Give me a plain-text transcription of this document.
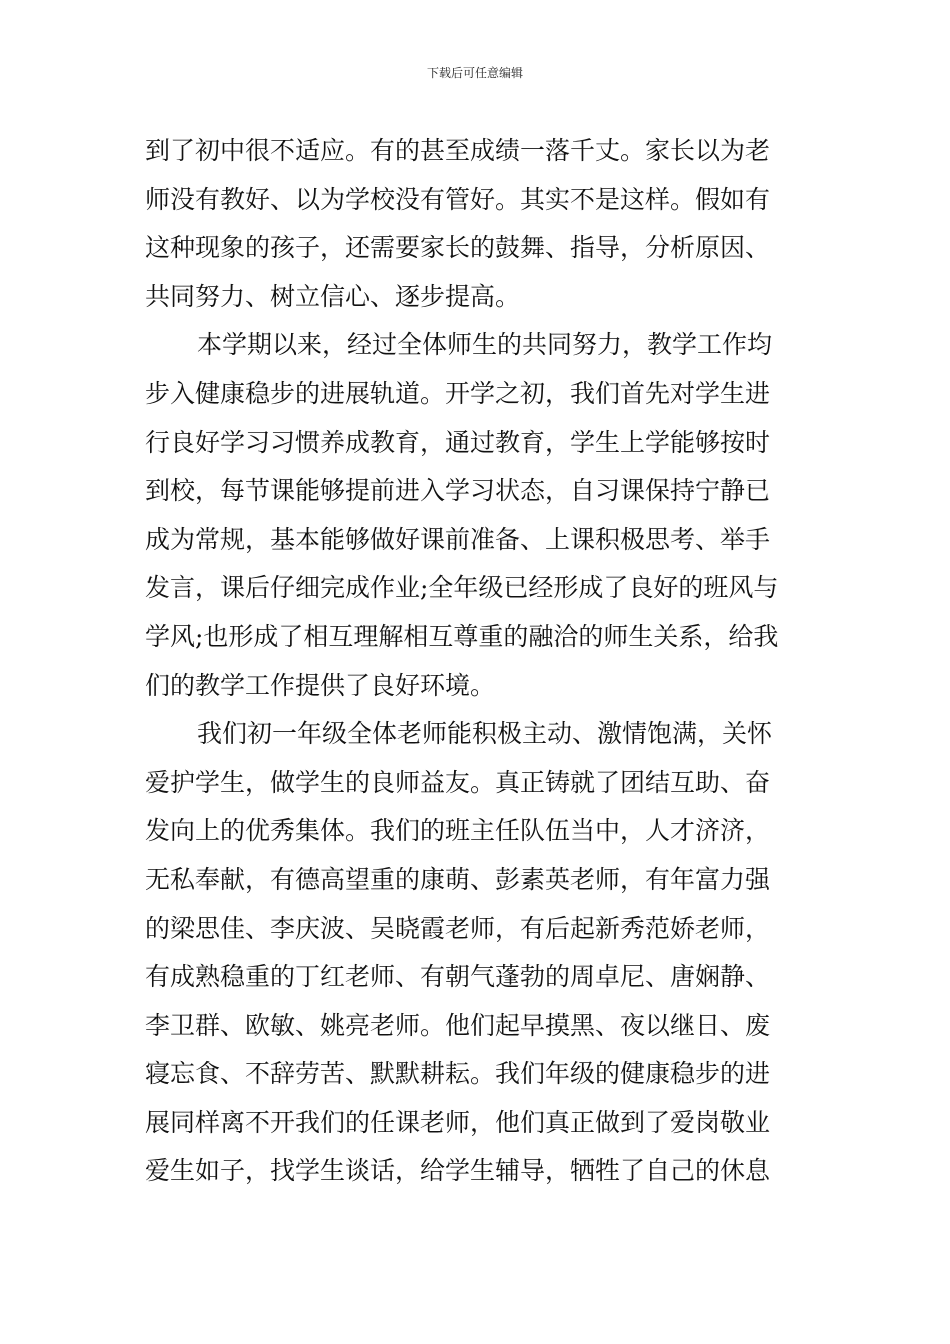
下载后可任意编辑
到了初中很不适应。有的甚至成绩一落千丈。家长以为老
师没有教好、以为学校没有管好。其实不是这样。假如有
这种现象的孩子，还需要家长的鼓舞、指导，分析原因、
共同努力、树立信心、逐步提高。
本学期以来，经过全体师生的共同努力，教学工作均
步入健康稳步的进展轨道。开学之初，我们首先对学生进
行良好学习习惯养成教育，通过教育，学生上学能够按时
到校，每节课能够提前进入学习状态，自习课保持宁静已
成为常规，基本能够做好课前准备、上课积极思考、举手
发言，课后仔细完成作业;全年级已经形成了良好的班风与
学风;也形成了相互理解相互尊重的融洽的师生关系，给我
们的教学工作提供了良好环境。
我们初一年级全体老师能积极主动、激情饱满，关怀
爱护学生，做学生的良师益友。真正铸就了团结互助、奋
发向上的优秀集体。我们的班主任队伍当中，人才济济，
无私奉献，有德高望重的康萌、彭素英老师，有年富力强
的梁思佳、李庆波、吴晓霞老师，有后起新秀范娇老师，
有成熟稳重的丁红老师、有朝气蓬勃的周卓尼、唐娴静、
李卫群、欧敏、姚亮老师。他们起早摸黑、夜以继日、废
寝忘食、不辞劳苦、默默耕耘。我们年级的健康稳步的进
展同样离不开我们的任课老师，他们真正做到了爱岗敬业
爱生如子，找学生谈话，给学生辅导，牺牲了自己的休息
